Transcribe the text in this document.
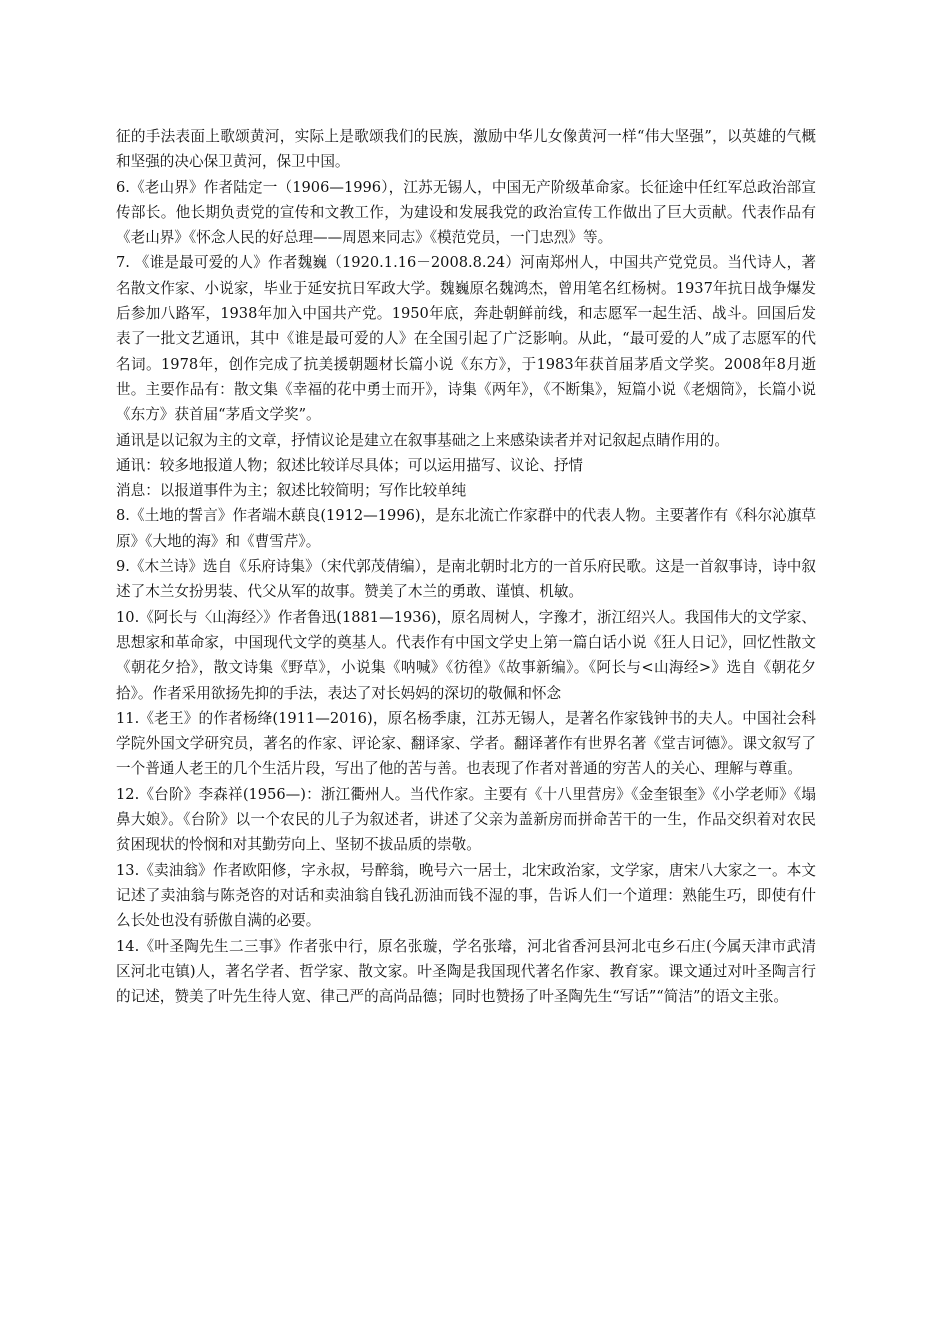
征的手法表面上歌颂黄河，实际上是歌颂我们的民族，激励中华儿女像黄河一样“伟大坚强”，以英雄的气概和坚强的决心保卫黄河，保卫中国。

6.《老山界》作者陆定一（1906—1996），江苏无锡人，中国无产阶级革命家。长征途中任红军总政治部宣传部长。他长期负责党的宣传和文教工作，为建设和发展我党的政治宣传工作做出了巨大贡献。代表作品有《老山界》《怀念人民的好总理——周恩来同志》《模范党员，一门忠烈》等。

7. 《谁是最可爱的人》作者魏巍（1920.1.16－2008.8.24）河南郑州人，中国共产党党员。当代诗人，著名散文作家、小说家，毕业于延安抗日军政大学。魏巍原名魏鸿杰，曾用笔名红杨树。1937年抗日战争爆发后参加八路军，1938年加入中国共产党。1950年底，奔赴朝鲜前线，和志愿军一起生活、战斗。回国后发表了一批文艺通讯，其中《谁是最可爱的人》在全国引起了广泛影响。从此，“最可爱的人”成了志愿军的代名词。1978年，创作完成了抗美援朝题材长篇小说《东方》，于1983年获首届茅盾文学奖。2008年8月逝世。主要作品有：散文集《幸福的花中勇士而开》，诗集《两年》，《不断集》，短篇小说《老烟筒》，长篇小说《东方》获首届“茅盾文学奖”。

通讯是以记叙为主的文章，抒情议论是建立在叙事基础之上来感染读者并对记叙起点睛作用的。

通讯：较多地报道人物；叙述比较详尽具体；可以运用描写、议论、抒情

消息：以报道事件为主；叙述比较简明；写作比较单纯

8.《土地的誓言》作者端木蕻良(1912—1996)，是东北流亡作家群中的代表人物。主要著作有《科尔沁旗草原》《大地的海》和《曹雪芹》。

9.《木兰诗》选自《乐府诗集》（宋代郭茂倩编），是南北朝时北方的一首乐府民歌。这是一首叙事诗，诗中叙述了木兰女扮男装、代父从军的故事。赞美了木兰的勇敢、谨慎、机敏。

10.《阿长与〈山海经〉》作者鲁迅(1881—1936)，原名周树人，字豫才，浙江绍兴人。我国伟大的文学家、思想家和革命家，中国现代文学的奠基人。代表作有中国文学史上第一篇白话小说《狂人日记》，回忆性散文《朝花夕拾》，散文诗集《野草》，小说集《呐喊》《彷徨》《故事新编》。《阿长与<山海经>》选自《朝花夕拾》。作者采用欲扬先抑的手法，表达了对长妈妈的深切的敬佩和怀念

11.《老王》的作者杨绛(1911—2016)，原名杨季康，江苏无锡人，是著名作家钱钟书的夫人。中国社会科学院外国文学研究员，著名的作家、评论家、翻译家、学者。翻译著作有世界名著《堂吉诃德》。课文叙写了一个普通人老王的几个生活片段，写出了他的苦与善。也表现了作者对普通的穷苦人的关心、理解与尊重。

12.《台阶》李森祥(1956—)：浙江衢州人。当代作家。主要有《十八里营房》《金奎银奎》《小学老师》《塌鼻大娘》。《台阶》以一个农民的儿子为叙述者，讲述了父亲为盖新房而拼命苦干的一生，作品交织着对农民贫困现状的怜悯和对其勤劳向上、坚韧不拔品质的崇敬。

13.《卖油翁》作者欧阳修，字永叔，号醉翁，晚号六一居士，北宋政治家，文学家，唐宋八大家之一。本文记述了卖油翁与陈尧咨的对话和卖油翁自钱孔沥油而钱不湿的事，告诉人们一个道理：熟能生巧，即使有什么长处也没有骄傲自满的必要。

14.《叶圣陶先生二三事》作者张中行，原名张璇，学名张璿，河北省香河县河北屯乡石庄(今属天津市武清区河北屯镇)人，著名学者、哲学家、散文家。叶圣陶是我国现代著名作家、教育家。课文通过对叶圣陶言行的记述，赞美了叶先生待人宽、律己严的高尚品德；同时也赞扬了叶圣陶先生“写话”“简洁”的语文主张。
